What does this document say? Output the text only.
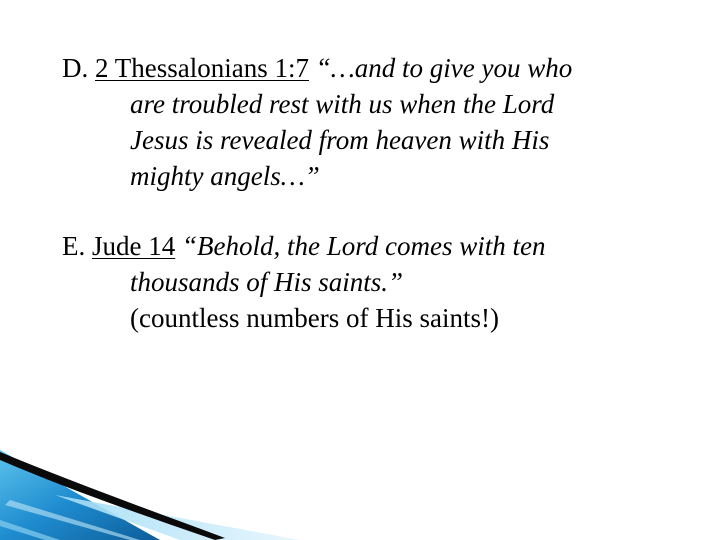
D. 2 Thessalonians 1:7 “…and to give you who
are troubled rest with us when the Lord
Jesus is revealed from heaven with His
mighty angels…”
E. Jude 14 “Behold, the Lord comes with ten
thousands of His saints.”
(countless numbers of His saints!)
